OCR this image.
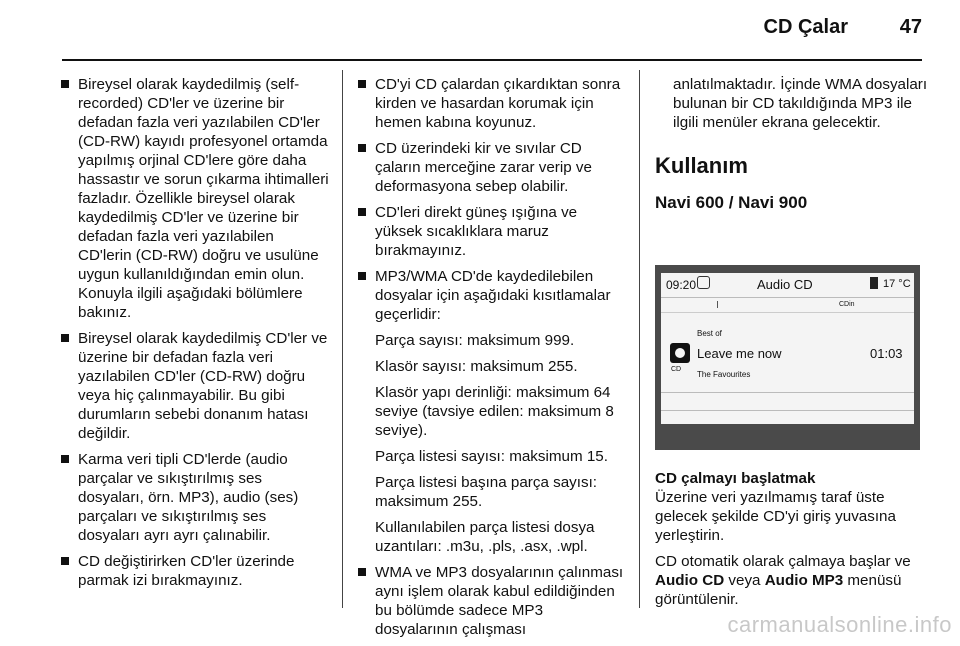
CD Çalar	47
Bireysel olarak kaydedilmiş (self-recorded) CD'ler ve üzerine bir defadan fazla veri yazılabilen CD'ler (CD-RW) kayıdı profesyonel ortamda yapılmış orjinal CD'lere göre daha hassastır ve sorun çıkarma ihtimalleri fazladır. Özellikle bireysel olarak kaydedilmiş CD'ler ve üzerine bir defadan fazla veri yazılabilen CD'lerin (CD-RW) doğru ve usulüne uygun kullanıldığından emin olun. Konuyla ilgili aşağıdaki bölümlere bakınız.
Bireysel olarak kaydedilmiş CD'ler ve üzerine bir defadan fazla veri yazılabilen CD'ler (CD-RW) doğru veya hiç çalınmayabilir. Bu gibi durumların sebebi donanım hatası değildir.
Karma veri tipli CD'lerde (audio parçalar ve sıkıştırılmış ses dosyaları, örn. MP3), audio (ses) parçaları ve sıkıştırılmış ses dosyaları ayrı ayrı çalınabilir.
CD değiştirirken CD'ler üzerinde parmak izi bırakmayınız.
CD'yi CD çalardan çıkardıktan sonra kirden ve hasardan korumak için hemen kabına koyunuz.
CD üzerindeki kir ve sıvılar CD çaların merceğine zarar verip ve deformasyona sebep olabilir.
CD'leri direkt güneş ışığına ve yüksek sıcaklıklara maruz bırakmayınız.
MP3/WMA CD'de kaydedilebilen dosyalar için aşağıdaki kısıtlamalar geçerlidir:
Parça sayısı: maksimum 999.
Klasör sayısı: maksimum 255.
Klasör yapı derinliği: maksimum 64 seviye (tavsiye edilen: maksimum 8 seviye).
Parça listesi sayısı: maksimum 15.
Parça listesi başına parça sayısı: maksimum 255.
Kullanılabilen parça listesi dosya uzantıları: .m3u, .pls, .asx, .wpl.
WMA ve MP3 dosyalarının çalınması aynı işlem olarak kabul edildiğinden bu bölümde sadece MP3 dosyalarının çalışması
anlatılmaktadır. İçinde WMA dosyaları bulunan bir CD takıldığında MP3 ile ilgili menüler ekrana gelecektir.
Kullanım
Navi 600 / Navi 900
09:20	Audio CD	17 °C
CDin
Best of
Leave me now	01:03
CD
The Favourites
CD çalmayı başlatmak
Üzerine veri yazılmamış taraf üste gelecek şekilde CD'yi giriş yuvasına yerleştirin.
CD otomatik olarak çalmaya başlar ve Audio CD veya Audio MP3 menüsü görüntülenir.
carmanualsonline.info
